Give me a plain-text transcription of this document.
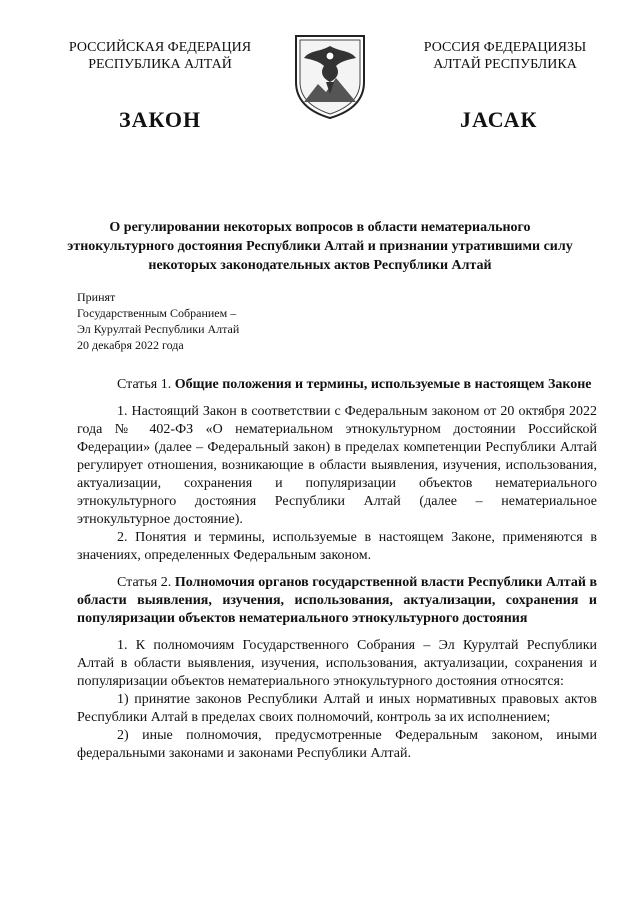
РОССИЙСКАЯ ФЕДЕРАЦИЯ
РЕСПУБЛИКА АЛТАЙ
РОССИЯ ФЕДЕРАЦИЯЗЫ
АЛТАЙ РЕСПУБЛИКА
ЗАКОН	JАСАК
О регулировании некоторых вопросов в области нематериального этнокультурного достояния Республики Алтай и признании утратившими силу некоторых законодательных актов Республики Алтай
Принят
Государственным Собранием –
Эл Курултай Республики Алтай
20 декабря 2022 года

Статья 1. Общие положения и термины, используемые в настоящем Законе

1. Настоящий Закон в соответствии с Федеральным законом от 20 октября 2022 года № 402-ФЗ «О нематериальном этнокультурном достоянии Российской Федерации» (далее – Федеральный закон) в пределах компетенции Республики Алтай регулирует отношения, возникающие в области выявления, изучения, использования, актуализации, сохранения и популяризации объектов нематериального этнокультурного достояния Республики Алтай (далее – нематериальное этнокультурное достояние).

2. Понятия и термины, используемые в настоящем Законе, применяются в значениях, определенных Федеральным законом.

Статья 2. Полномочия органов государственной власти Республики Алтай в области выявления, изучения, использования, актуализации, сохранения и популяризации объектов нематериального этнокультурного достояния

1. К полномочиям Государственного Собрания – Эл Курултай Республики Алтай в области выявления, изучения, использования, актуализации, сохранения и популяризации объектов нематериального этнокультурного достояния относятся:

1) принятие законов Республики Алтай и иных нормативных правовых актов Республики Алтай в пределах своих полномочий, контроль за их исполнением;

2) иные полномочия, предусмотренные Федеральным законом, иными федеральными законами и законами Республики Алтай.
